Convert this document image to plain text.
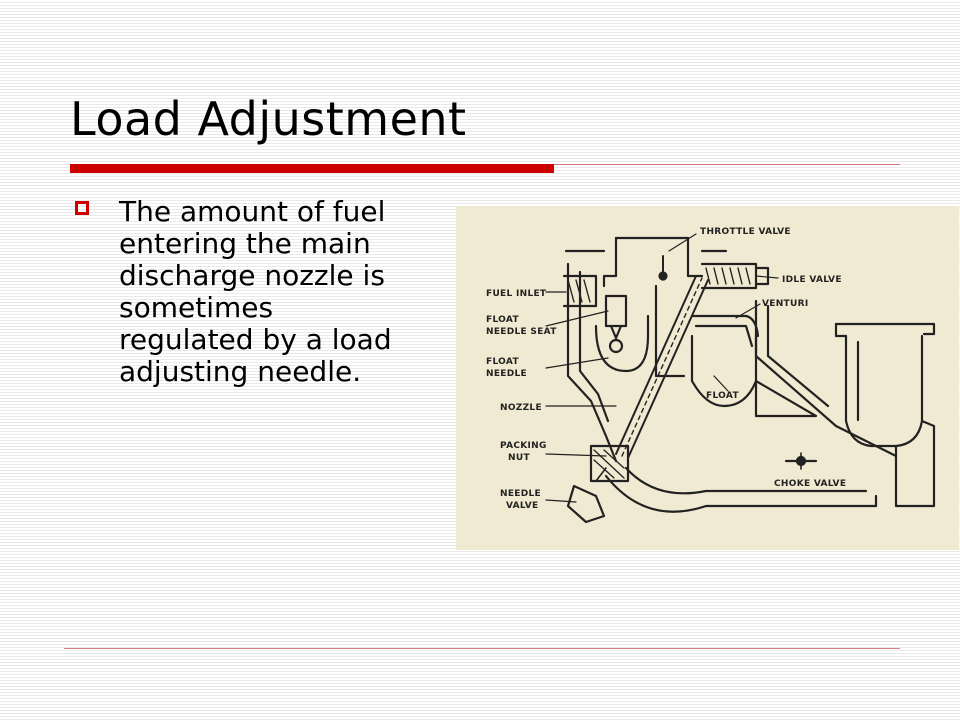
Load Adjustment
The amount of fuel
entering the main
discharge nozzle is
sometimes
regulated by a load
adjusting needle.
THROTTLE VALVE
IDLE VALVE
FUEL INLET
VENTURI
FLOAT
NEEDLE SEAT
FLOAT
NEEDLE
FLOAT
NOZZLE
PACKING
NUT
CHOKE VALVE
NEEDLE
VALVE
